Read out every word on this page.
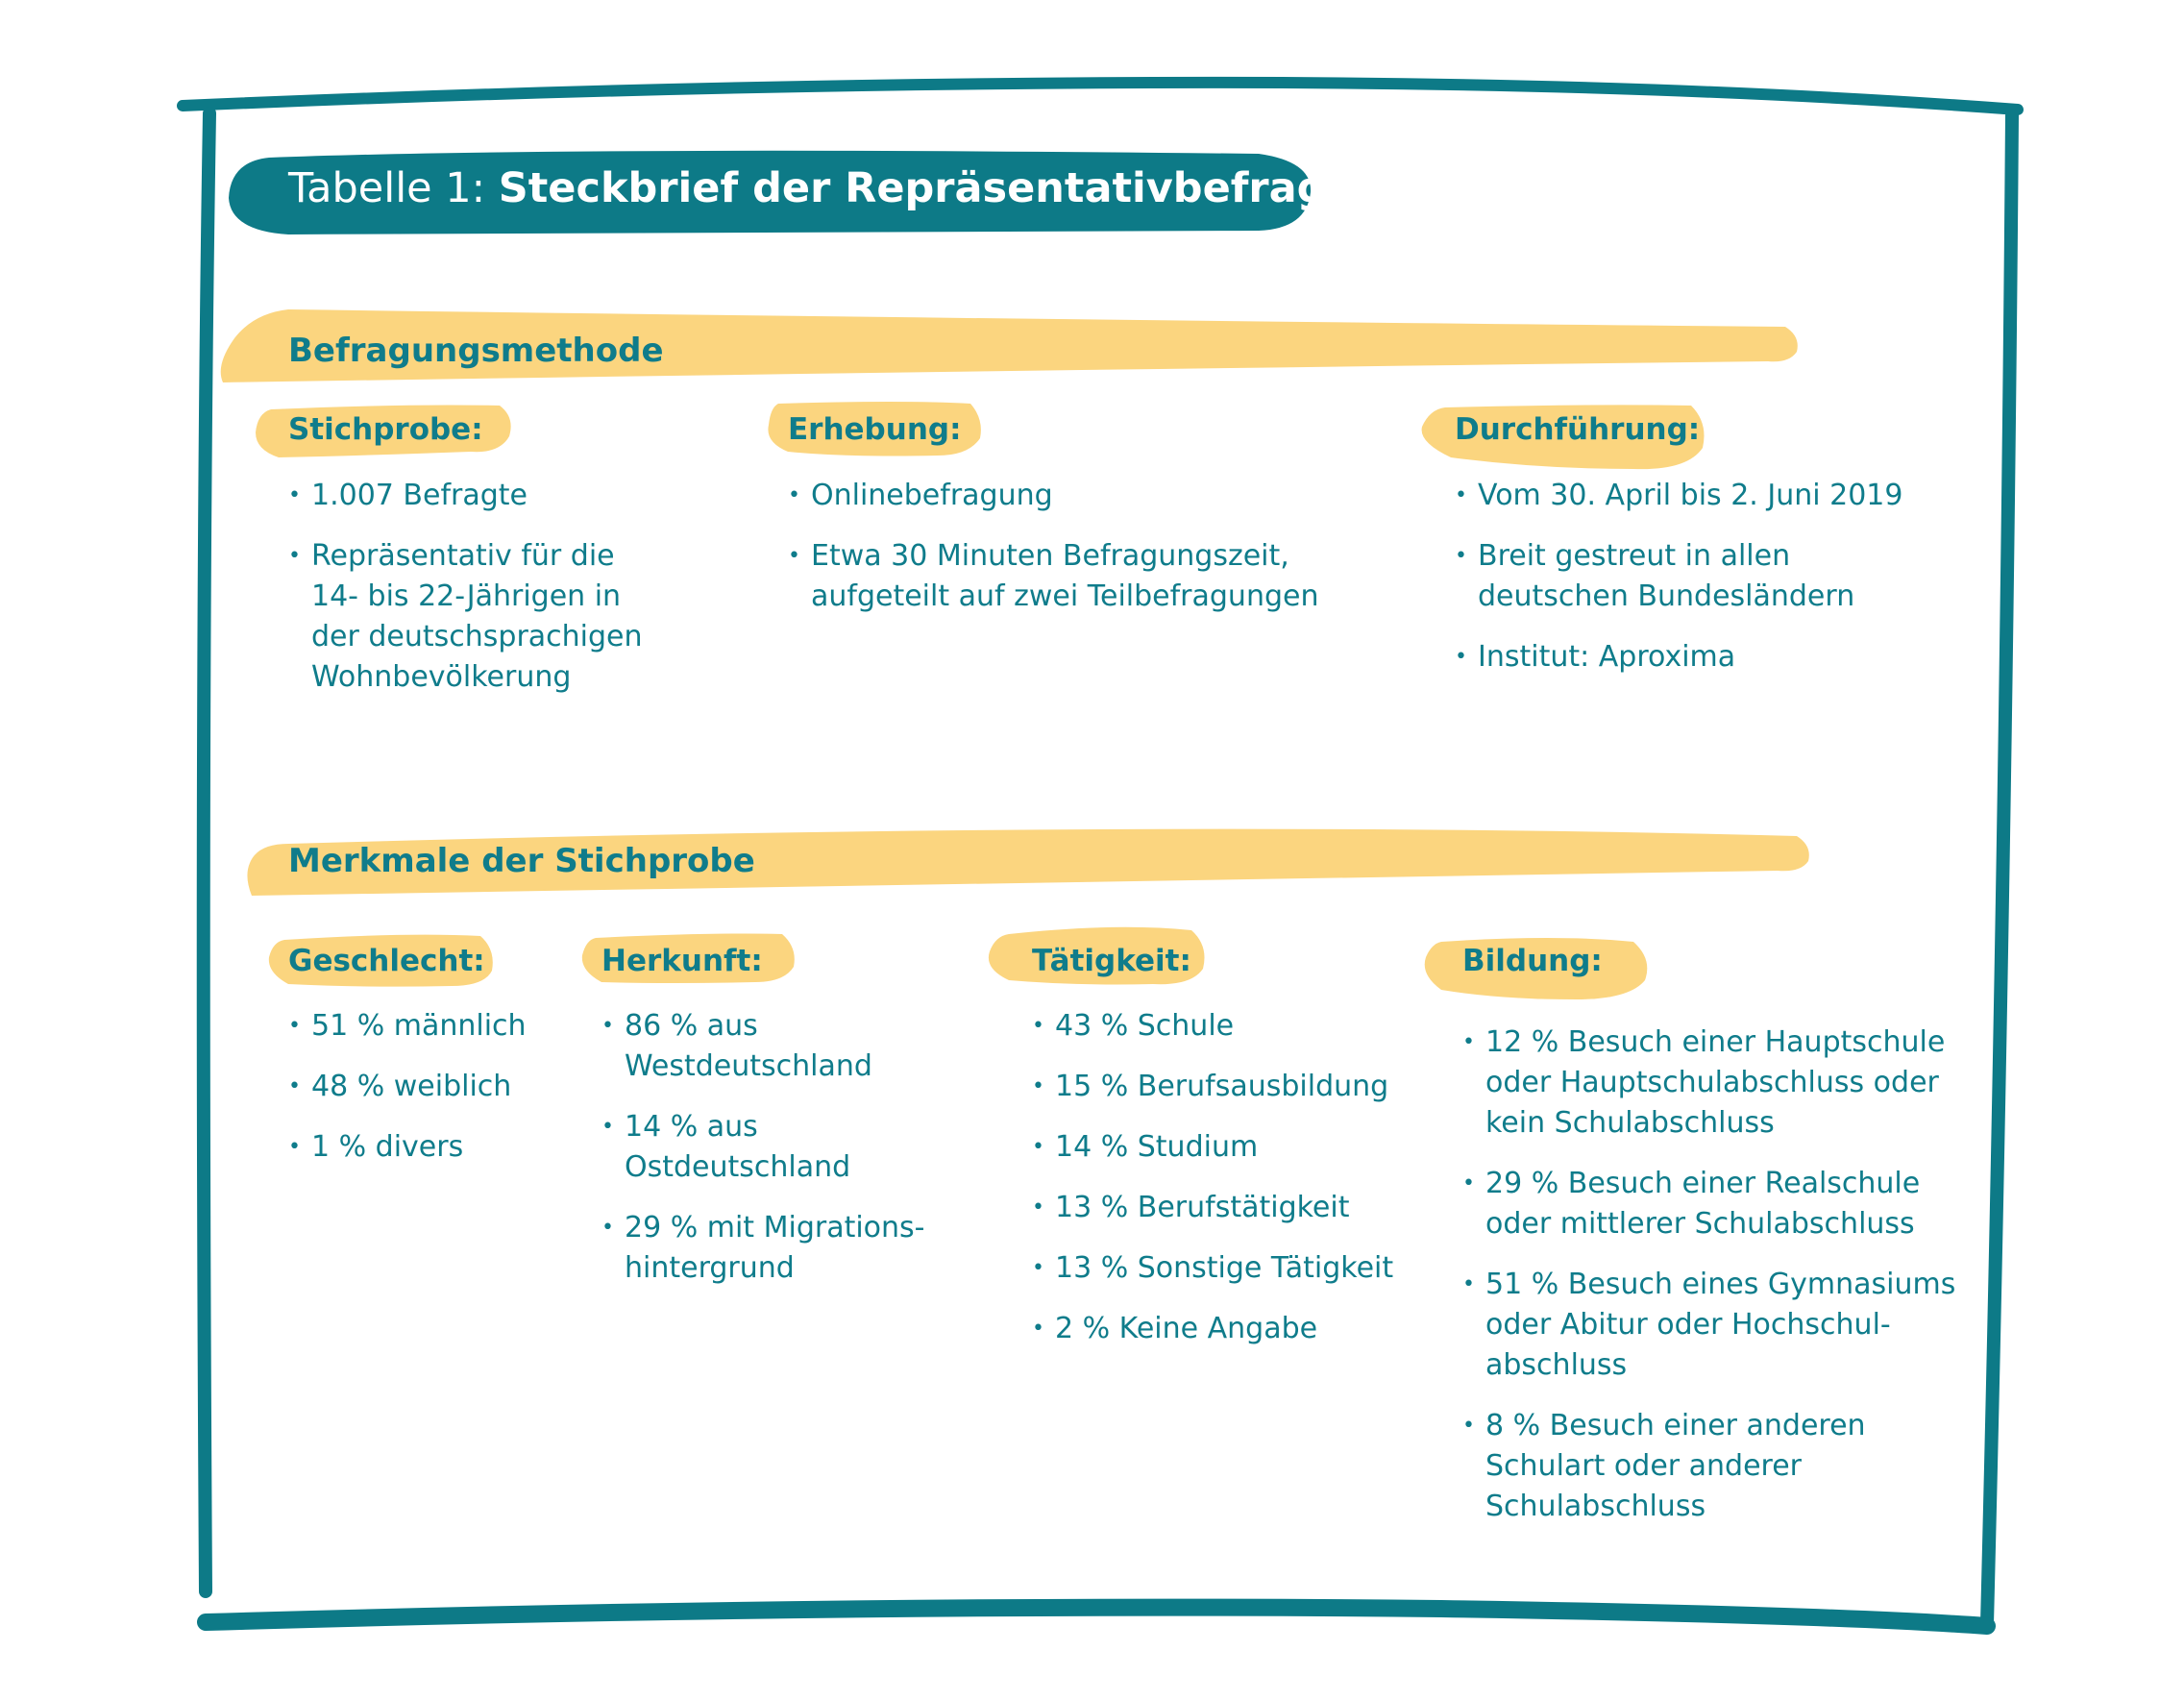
Tabelle 1: Steckbrief der Repräsentativbefragung
Befragungsmethode
Stichprobe:
• 1.007 Befragte
• Repräsentativ für die
14- bis 22-Jährigen in
der deutschsprachigen
Wohnbevölkerung
Erhebung:
• Onlinebefragung
• Etwa 30 Minuten Befragungszeit,
aufgeteilt auf zwei Teilbefragungen
Durchführung:
• Vom 30. April bis 2. Juni 2019
• Breit gestreut in allen
deutschen Bundesländern
• Institut: Aproxima
Merkmale der Stichprobe
Geschlecht:
• 51 % männlich
• 48 % weiblich
• 1 % divers
Herkunft:
• 86 % aus
Westdeutschland
• 14 % aus
Ostdeutschland
• 29 % mit Migrations-
hintergrund
Tätigkeit:
• 43 % Schule
• 15 % Berufsausbildung
• 14 % Studium
• 13 % Berufstätigkeit
• 13 % Sonstige Tätigkeit
• 2 % Keine Angabe
Bildung:
• 12 % Besuch einer Hauptschule
oder Hauptschulabschluss oder
kein Schulabschluss
• 29 % Besuch einer Realschule
oder mittlerer Schulabschluss
• 51 % Besuch eines Gymnasiums
oder Abitur oder Hochschul-
abschluss
• 8 % Besuch einer anderen
Schulart oder anderer
Schulabschluss
